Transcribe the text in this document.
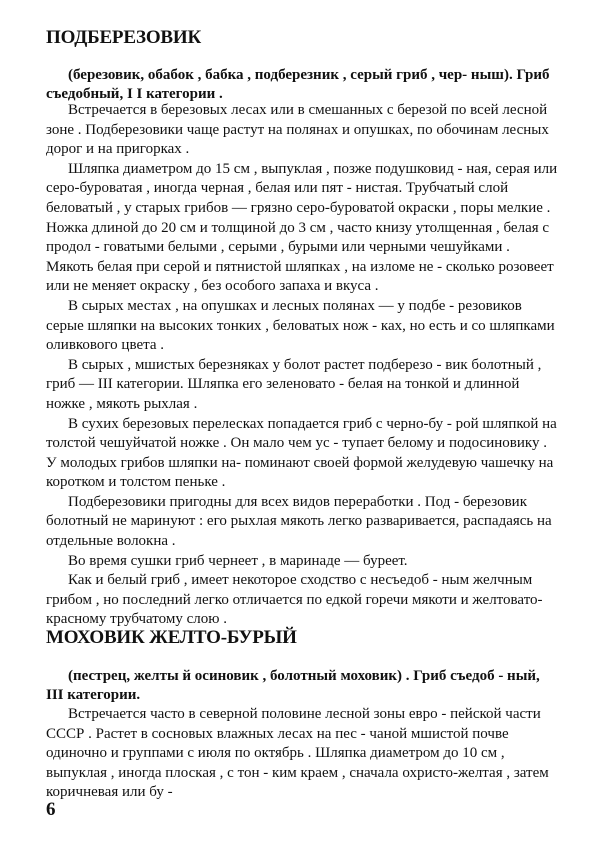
ПОДБЕРЕЗОВИК

(березовик, обабок , бабка , подберезник , серый гриб , чер- ныш). Гриб съедобный, I I категории .

Встречается в березовых лесах или в смешанных с березой по всей лесной зоне . Подберезовики чаще растут на полянах и опушках, по обочинам лесных дорог и на пригорках .

Шляпка диаметром до 15 см , выпуклая , позже подушковид - ная, серая или серо-буроватая , иногда черная , белая или пят - нистая. Трубчатый слой беловатый , у старых грибов — грязно серо-буроватой окраски , поры мелкие . Ножка длиной до 20 см и толщиной до 3 см , часто книзу утолщенная , белая с продол - говатыми белыми , серыми , бурыми или черными чешуйками . Мякоть белая при серой и пятнистой шляпках , на изломе не - сколько розовеет или не меняет окраску , без особого запаха и вкуса .

В сырых местах , на опушках и лесных полянах — у подбе - резовиков серые шляпки на высоких тонких , беловатых нож - ках, но есть и со шляпками оливкового цвета .

В сырых , мшистых березняках у болот растет подберезо - вик болотный , гриб — III категории. Шляпка его зеленовато - белая на тонкой и длинной ножке , мякоть рыхлая .

В сухих березовых перелесках попадается гриб с черно-бу - рой шляпкой на толстой чешуйчатой ножке . Он мало чем ус - тупает белому и подосиновику . У молодых грибов шляпки на- поминают своей формой желудевую чашечку на коротком и толстом пеньке .

Подберезовики пригодны для всех видов переработки . Под - березовик болотный не маринуют : его рыхлая мякоть легко разваривается, распадаясь на отдельные волокна .

Во время сушки гриб чернеет , в маринаде — буреет.

Как и белый гриб , имеет некоторое сходство с несъедоб - ным желчным грибом , но последний легко отличается по едкой горечи мякоти и желтовато-красному трубчатому слою .

МОХОВИК ЖЕЛТО-БУРЫЙ

(пестрец, желты й осиновик , болотный моховик) . Гриб съедоб - ный, III категории.

Встречается часто в северной половине лесной зоны евро - пейской части СССР . Растет в сосновых влажных лесах на пес - чаной мшистой почве одиночно и группами с июля по октябрь . Шляпка диаметром до 10 см , выпуклая , иногда плоская , с тон - ким краем , сначала охристо-желтая , затем коричневая или бу -

6
